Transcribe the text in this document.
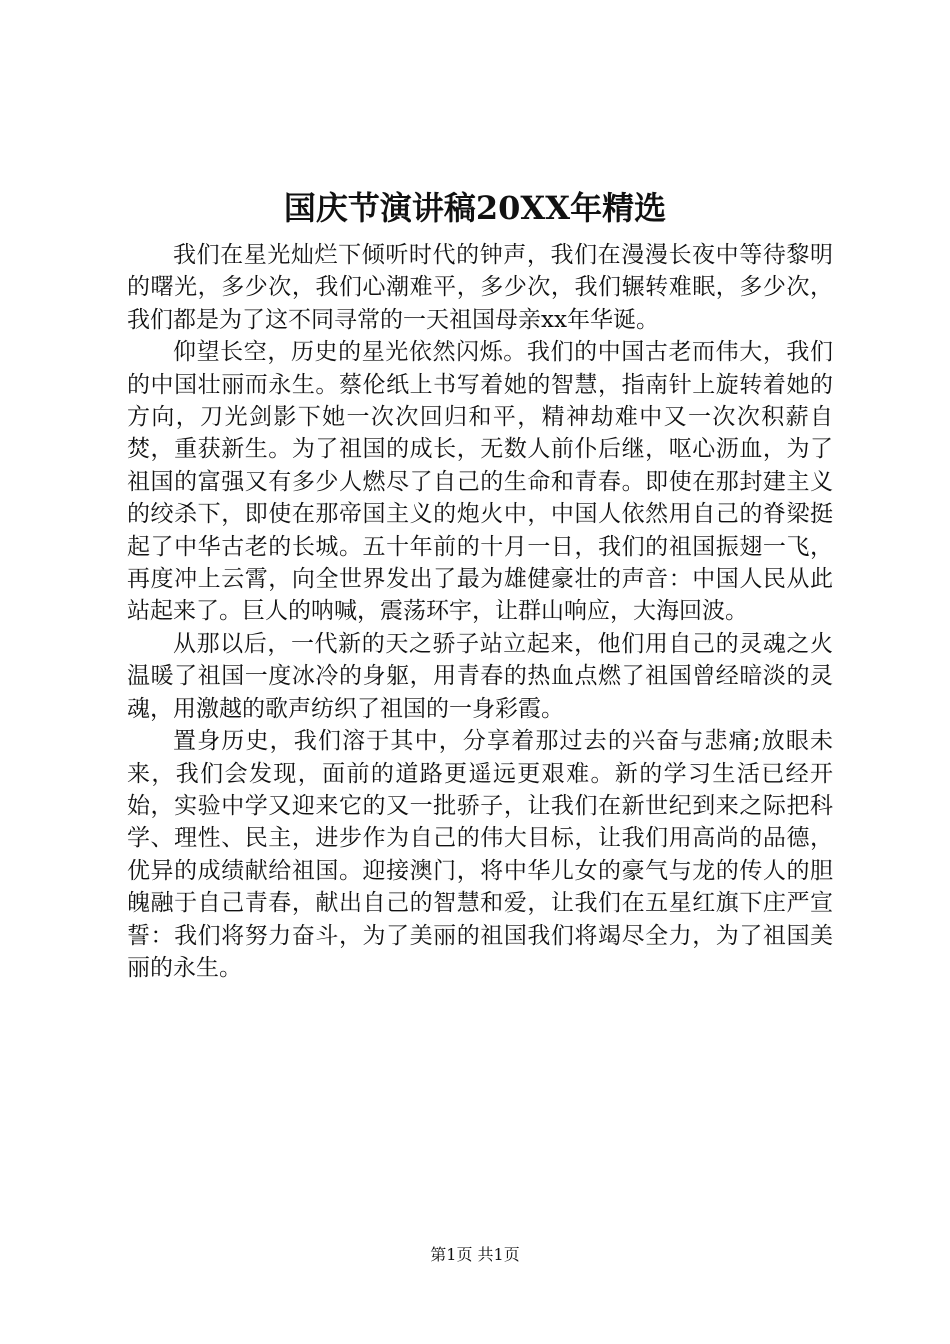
国庆节演讲稿20XX年精选

我们在星光灿烂下倾听时代的钟声，我们在漫漫长夜中等待黎明的曙光，多少次，我们心潮难平，多少次，我们辗转难眠，多少次，我们都是为了这不同寻常的一天祖国母亲xx年华诞。

仰望长空，历史的星光依然闪烁。我们的中国古老而伟大，我们的中国壮丽而永生。蔡伦纸上书写着她的智慧，指南针上旋转着她的方向，刀光剑影下她一次次回归和平，精神劫难中又一次次积薪自焚，重获新生。为了祖国的成长，无数人前仆后继，呕心沥血，为了祖国的富强又有多少人燃尽了自己的生命和青春。即使在那封建主义的绞杀下，即使在那帝国主义的炮火中，中国人依然用自己的脊梁挺起了中华古老的长城。五十年前的十月一日，我们的祖国振翅一飞，再度冲上云霄，向全世界发出了最为雄健豪壮的声音：中国人民从此站起来了。巨人的呐喊，震荡环宇，让群山响应，大海回波。

从那以后，一代新的天之骄子站立起来，他们用自己的灵魂之火温暖了祖国一度冰冷的身躯，用青春的热血点燃了祖国曾经暗淡的灵魂，用激越的歌声纺织了祖国的一身彩霞。

置身历史，我们溶于其中，分享着那过去的兴奋与悲痛;放眼未来，我们会发现，面前的道路更遥远更艰难。新的学习生活已经开始，实验中学又迎来它的又一批骄子，让我们在新世纪到来之际把科学、理性、民主，进步作为自己的伟大目标，让我们用高尚的品德，优异的成绩献给祖国。迎接澳门，将中华儿女的豪气与龙的传人的胆魄融于自己青春，献出自己的智慧和爱，让我们在五星红旗下庄严宣誓：我们将努力奋斗，为了美丽的祖国我们将竭尽全力，为了祖国美丽的永生。

第1页 共1页
